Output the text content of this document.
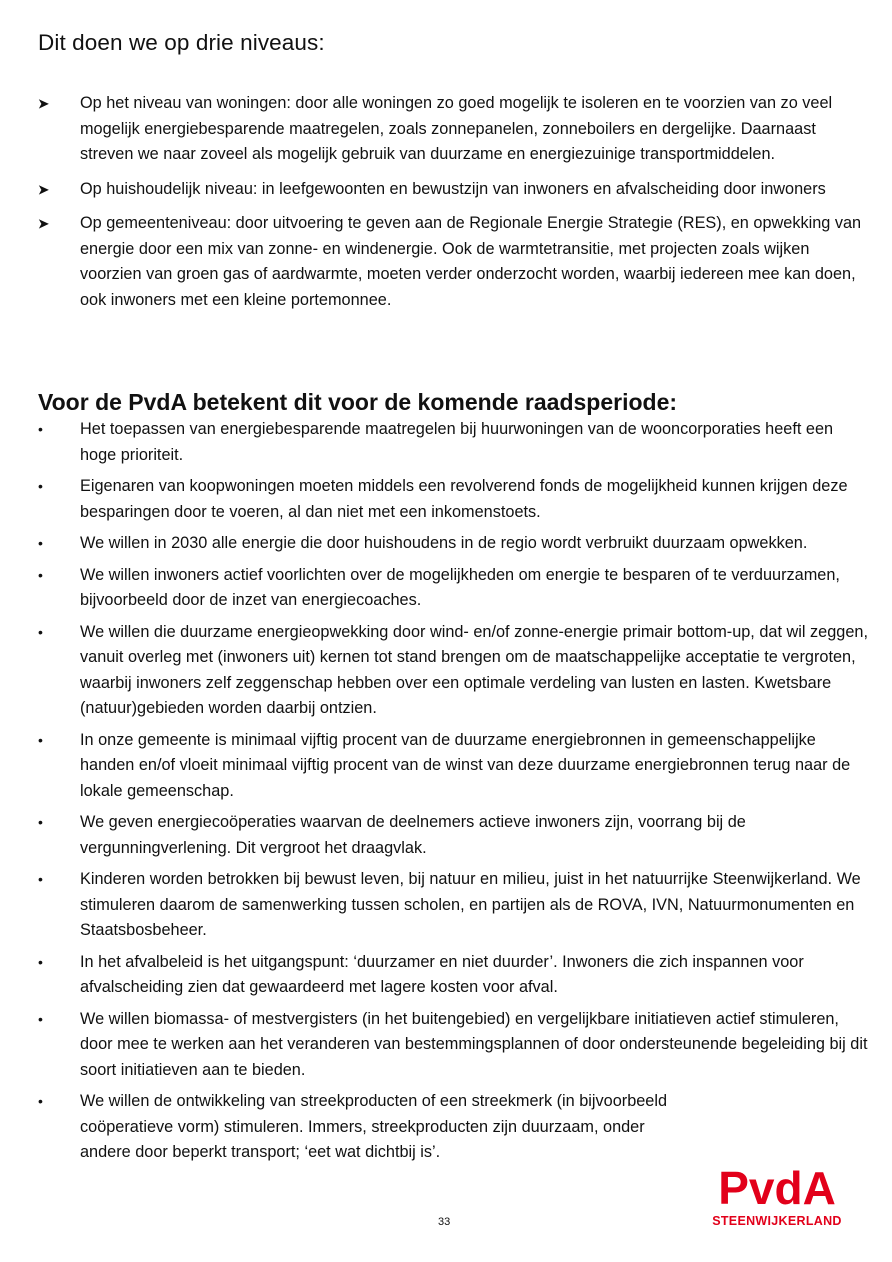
Dit doen we op drie niveaus:
➤ Op het niveau van woningen: door alle woningen zo goed mogelijk te isoleren en te voorzien van zo veel mogelijk energiebesparende maatregelen, zoals zonnepanelen, zonneboilers en dergelijke. Daarnaast streven we naar zoveel als mogelijk gebruik van duurzame en energiezuinige transportmiddelen.
➤ Op huishoudelijk niveau: in leefgewoonten en bewustzijn van inwoners en afvalscheiding door inwoners
➤ Op gemeenteniveau: door uitvoering te geven aan de Regionale Energie Strategie (RES), en opwekking van energie door een mix van zonne- en windenergie. Ook de warmtetransitie, met projecten zoals wijken voorzien van groen gas of aardwarmte, moeten verder onderzocht worden, waarbij iedereen mee kan doen, ook inwoners met een kleine portemonnee.
Voor de PvdA betekent dit voor de komende raadsperiode:
• Het toepassen van energiebesparende maatregelen bij huurwoningen van de wooncorporaties heeft een hoge prioriteit.
• Eigenaren van koopwoningen moeten middels een revolverend fonds de mogelijkheid kunnen krijgen deze besparingen door te voeren, al dan niet met een inkomenstoets.
• We willen in 2030 alle energie die door huishoudens in de regio wordt verbruikt duurzaam opwekken.
• We willen inwoners actief voorlichten over de mogelijkheden om energie te besparen of te verduurzamen, bijvoorbeeld door de inzet van energiecoaches.
• We willen die duurzame energieopwekking door wind- en/of zonne-energie primair bottom-up, dat wil zeggen, vanuit overleg met (inwoners uit) kernen tot stand brengen om de maatschappelijke acceptatie te vergroten, waarbij inwoners zelf zeggenschap hebben over een optimale verdeling van lusten en lasten. Kwetsbare (natuur)gebieden worden daarbij ontzien.
• In onze gemeente is minimaal vijftig procent van de duurzame energiebronnen in gemeenschappelijke handen en/of vloeit minimaal vijftig procent van de winst van deze duurzame energiebronnen terug naar de lokale gemeenschap.
• We geven energiecoöperaties waarvan de deelnemers actieve inwoners zijn, voorrang bij de vergunningverlening. Dit vergroot het draagvlak.
• Kinderen worden betrokken bij bewust leven, bij natuur en milieu, juist in het natuurrijke Steenwijkerland. We stimuleren daarom de samenwerking tussen scholen, en partijen als de ROVA, IVN, Natuurmonumenten en Staatsbosbeheer.
• In het afvalbeleid is het uitgangspunt: ‘duurzamer en niet duurder’. Inwoners die zich inspannen voor afvalscheiding zien dat gewaardeerd met lagere kosten voor afval.
• We willen biomassa- of mestvergisters (in het buitengebied) en vergelijkbare initiatieven actief stimuleren, door mee te werken aan het veranderen van bestemmingsplannen of door ondersteunende begeleiding bij dit soort initiatieven aan te bieden.
• We willen de ontwikkeling van streekproducten of een streekmerk (in bijvoorbeeld coöperatieve vorm) stimuleren. Immers, streekproducten zijn duurzaam, onder andere door beperkt transport; ‘eet wat dichtbij is’.
33
PvdA
STEENWIJKERLAND
